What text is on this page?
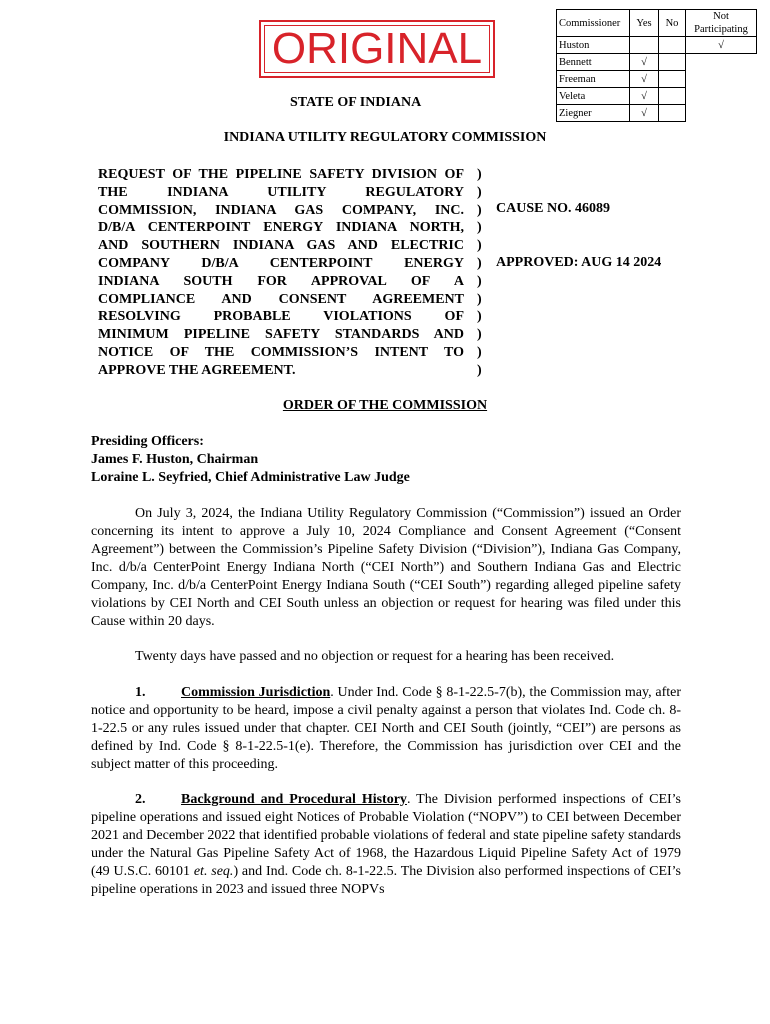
ORIGINAL
STATE OF INDIANA
Commissioner	Yes	No	Not Participating
Huston			√
Bennett	√		
Freeman	√		
Veleta	√		
Ziegner	√		
INDIANA UTILITY REGULATORY COMMISSION
REQUEST OF THE PIPELINE SAFETY DIVISION OF
THE INDIANA UTILITY REGULATORY
COMMISSION, INDIANA GAS COMPANY, INC.
D/B/A CENTERPOINT ENERGY INDIANA NORTH,
AND SOUTHERN INDIANA GAS AND ELECTRIC
COMPANY D/B/A CENTERPOINT ENERGY
INDIANA SOUTH FOR APPROVAL OF A
COMPLIANCE AND CONSENT AGREEMENT
RESOLVING PROBABLE VIOLATIONS OF
MINIMUM PIPELINE SAFETY STANDARDS AND
NOTICE OF THE COMMISSION’S INTENT TO
APPROVE THE AGREEMENT.
)
)
)
)
)
)
)
)
)
)
)
)
CAUSE NO. 46089
APPROVED: AUG 14 2024
ORDER OF THE COMMISSION
Presiding Officers:
James F. Huston, Chairman
Loraine L. Seyfried, Chief Administrative Law Judge
On July 3, 2024, the Indiana Utility Regulatory Commission (“Commission”) issued an Order concerning its intent to approve a July 10, 2024 Compliance and Consent Agreement (“Consent Agreement”) between the Commission’s Pipeline Safety Division (“Division”), Indiana Gas Company, Inc. d/b/a CenterPoint Energy Indiana North (“CEI North”) and Southern Indiana Gas and Electric Company, Inc. d/b/a CenterPoint Energy Indiana South (“CEI South”) regarding alleged pipeline safety violations by CEI North and CEI South unless an objection or request for hearing was filed under this Cause within 20 days.
Twenty days have passed and no objection or request for a hearing has been received.
1.	Commission Jurisdiction. Under Ind. Code § 8-1-22.5-7(b), the Commission may, after notice and opportunity to be heard, impose a civil penalty against a person that violates Ind. Code ch. 8-1-22.5 or any rules issued under that chapter. CEI North and CEI South (jointly, “CEI”) are persons as defined by Ind. Code § 8-1-22.5-1(e). Therefore, the Commission has jurisdiction over CEI and the subject matter of this proceeding.
2.	Background and Procedural History. The Division performed inspections of CEI’s pipeline operations and issued eight Notices of Probable Violation (“NOPV”) to CEI between December 2021 and December 2022 that identified probable violations of federal and state pipeline safety standards under the Natural Gas Pipeline Safety Act of 1968, the Hazardous Liquid Pipeline Safety Act of 1979 (49 U.S.C. 60101 et. seq.) and Ind. Code ch. 8-1-22.5. The Division also performed inspections of CEI’s pipeline operations in 2023 and issued three NOPVs
